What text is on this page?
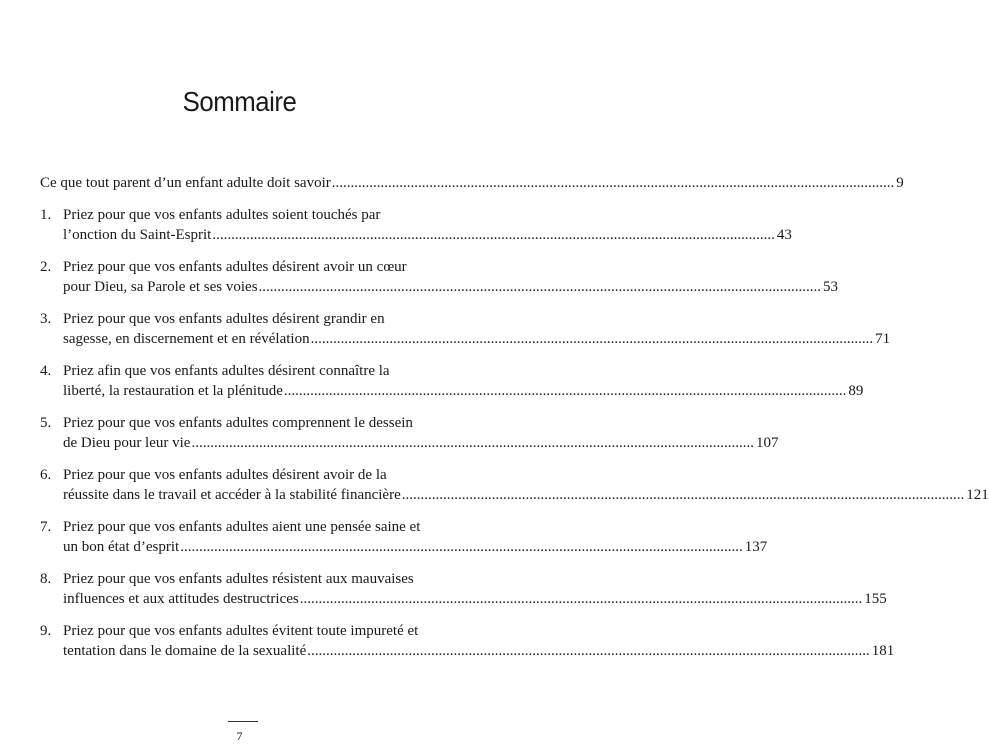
Sommaire
Ce que tout parent d’un enfant adulte doit savoir .....	9
1. Priez pour que vos enfants adultes soient touchés par
l’onction du Saint-Esprit .....	43
2. Priez pour que vos enfants adultes désirent avoir un cœur
pour Dieu, sa Parole et ses voies .....	53
3. Priez pour que vos enfants adultes désirent grandir en
sagesse, en discernement et en révélation .....	71
4. Priez afin que vos enfants adultes désirent connaître la
liberté, la restauration et la plénitude .....	89
5. Priez pour que vos enfants adultes comprennent le dessein
de Dieu pour leur vie .....	107
6. Priez pour que vos enfants adultes désirent avoir de la
réussite dans le travail et accéder à la stabilité financière .....	121
7. Priez pour que vos enfants adultes aient une pensée saine et
un bon état d’esprit .....	137
8. Priez pour que vos enfants adultes résistent aux mauvaises
influences et aux attitudes destructrices .....	155
9. Priez pour que vos enfants adultes évitent toute impureté et
tentation dans le domaine de la sexualité .....	181
7
